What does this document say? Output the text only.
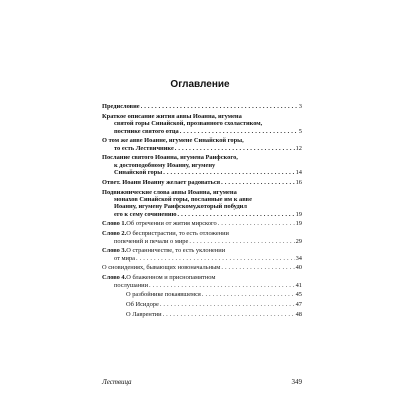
Оглавление
Предисловие . . .	3
Краткое описание жития аввы Иоанна, игумена
святой горы Синайской, прозванного схоластиком,
постнике святого отца . . .	5
О том же авве Иоанне, игумене Синайской горы,
то есть Лествичнике . . .	12
Послание святого Иоанна, игумена Раифского,
к достоподобному Иоанну, игумену
Синайской горы . . .	14
Ответ. Иоанн Иоанну желает радоваться . . .	16
Подвижнические слова аввы Иоанна, игумена
монахов Синайской горы, посланные им к авве
Иоанну, игумену Раифскому,который побудил
его к сему сочинению . . .	19
Слово 1. Об отречении от жития мирского . . .	19
Слово 2. О беспристрастии, то есть отложении
попечений и печали о мире . . .	29
Слово 3. О странничестве, то есть уклонении
от мира . . .	34
О сновидениях, бывающих новоначальным . . .	40
Слово 4. О блаженном и приснопамятном
послушании . . .	41
О разбойнике покаявшемся . . .	45
Об Исидоре . . .	47
О Лаврентии . . .	48
Лествица	349
